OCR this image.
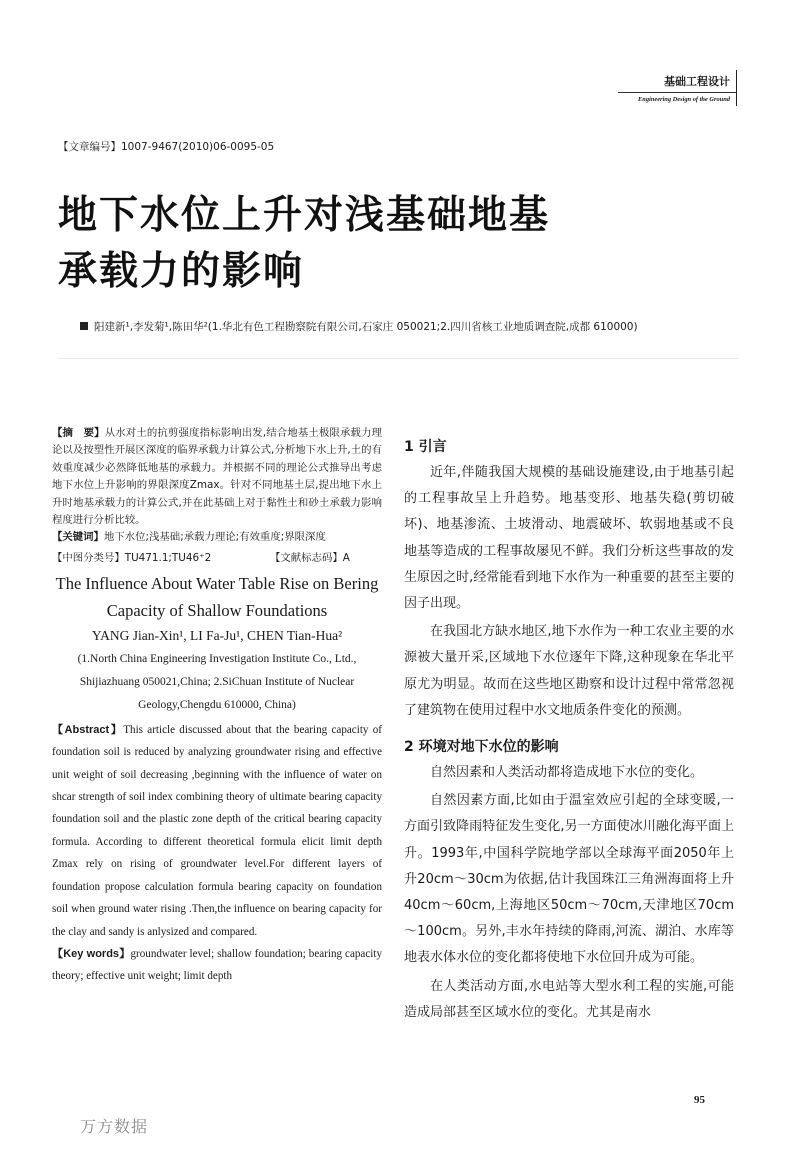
基础工程设计
Engineering Design of the Ground
【文章编号】1007-9467(2010)06-0095-05
地下水位上升对浅基础地基
承载力的影响
阳建新¹,李发菊¹,陈田华²(1.华北有色工程勘察院有限公司,石家庄 050021;2.四川省核工业地质调查院,成都 610000)
【摘　要】从水对土的抗剪强度指标影响出发,结合地基土极限承载力理论以及按塑性开展区深度的临界承载力计算公式,分析地下水上升,土的有效重度减少必然降低地基的承载力。并根据不同的理论公式推导出考虑地下水位上升影响的界限深度Zmax。针对不同地基土层,提出地下水上升时地基承载力的计算公式,并在此基础上对于黏性土和砂土承载力影响程度进行分析比较。
【关键词】地下水位;浅基础;承载力理论;有效重度;界限深度
【中图分类号】TU471.1;TU46⁺2	【文献标志码】A
The Influence About Water Table Rise on Bering
Capacity of Shallow Foundations
YANG Jian-Xin¹, LI Fa-Ju¹, CHEN Tian-Hua²
(1.North China Engineering Investigation Institute Co., Ltd.,
Shijiazhuang 050021,China; 2.SiChuan Institute of Nuclear
Geology,Chengdu 610000, China)
【Abstract】This article discussed about that the bearing capacity of foundation soil is reduced by analyzing groundwater rising and effective unit weight of soil decreasing ,beginning with the influence of water on shcar strength of soil index combining theory of ultimate bearing capacity foundation soil and the plastic zone depth of the critical bearing capacity formula. According to different theoretical formula elicit limit depth Zmax rely on rising of groundwater level.For different layers of foundation propose calculation formula bearing capacity on foundation soil when ground water rising .Then,the influence on bearing capacity for the clay and sandy is anlysized and compared.
【Key words】groundwater level; shallow foundation; bearing capacity theory; effective unit weight; limit depth
1 引言

近年,伴随我国大规模的基础设施建设,由于地基引起的工程事故呈上升趋势。地基变形、地基失稳(剪切破坏)、地基渗流、土坡滑动、地震破坏、软弱地基或不良地基等造成的工程事故屡见不鲜。我们分析这些事故的发生原因之时,经常能看到地下水作为一种重要的甚至主要的因子出现。

在我国北方缺水地区,地下水作为一种工农业主要的水源被大量开采,区域地下水位逐年下降,这种现象在华北平原尤为明显。故而在这些地区勘察和设计过程中常常忽视了建筑物在使用过程中水文地质条件变化的预测。

2 环境对地下水位的影响

自然因素和人类活动都将造成地下水位的变化。

自然因素方面,比如由于温室效应引起的全球变暖,一方面引致降雨特征发生变化,另一方面使冰川融化海平面上升。1993年,中国科学院地学部以全球海平面2050年上升20cm～30cm为依据,估计我国珠江三角洲海面将上升40cm～60cm,上海地区50cm～70cm,天津地区70cm～100cm。另外,丰水年持续的降雨,河流、湖泊、水库等地表水体水位的变化都将使地下水位回升成为可能。

在人类活动方面,水电站等大型水利工程的实施,可能造成局部甚至区域水位的变化。尤其是南水

95
万方数据
